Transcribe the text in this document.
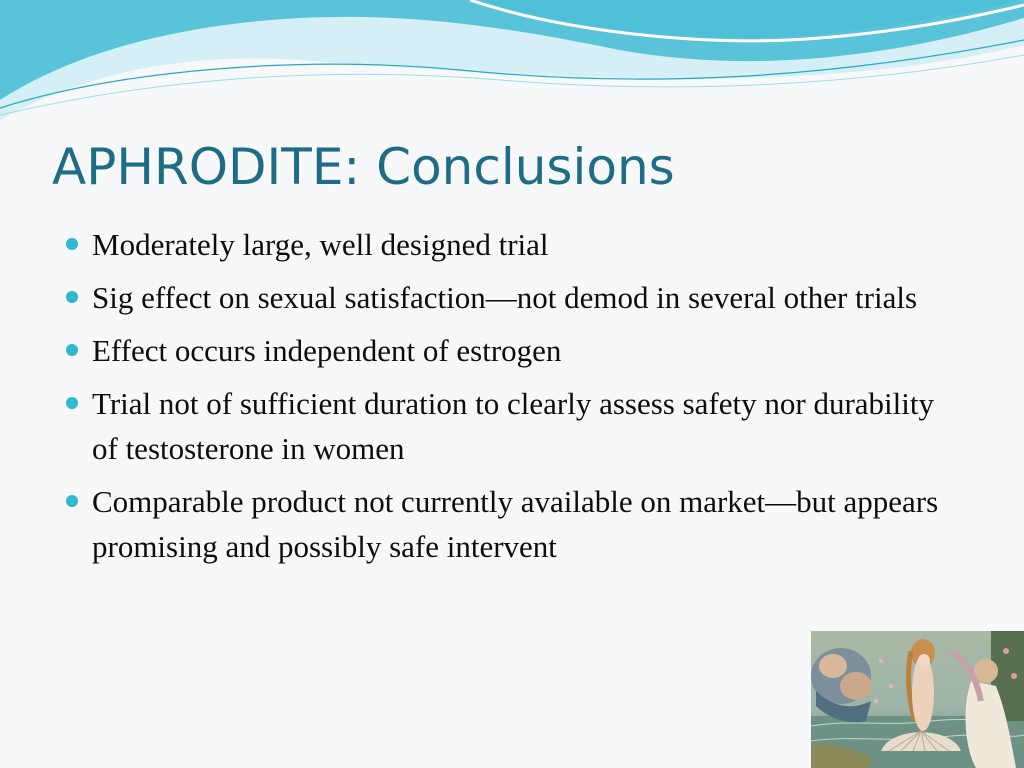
APHRODITE: Conclusions
Moderately large, well designed trial
Sig effect on sexual satisfaction—not demod in several other trials
Effect occurs independent of estrogen
Trial not of sufficient duration to clearly assess safety nor durability of testosterone in women
Comparable product not currently available on market—but appears promising and possibly safe intervent
